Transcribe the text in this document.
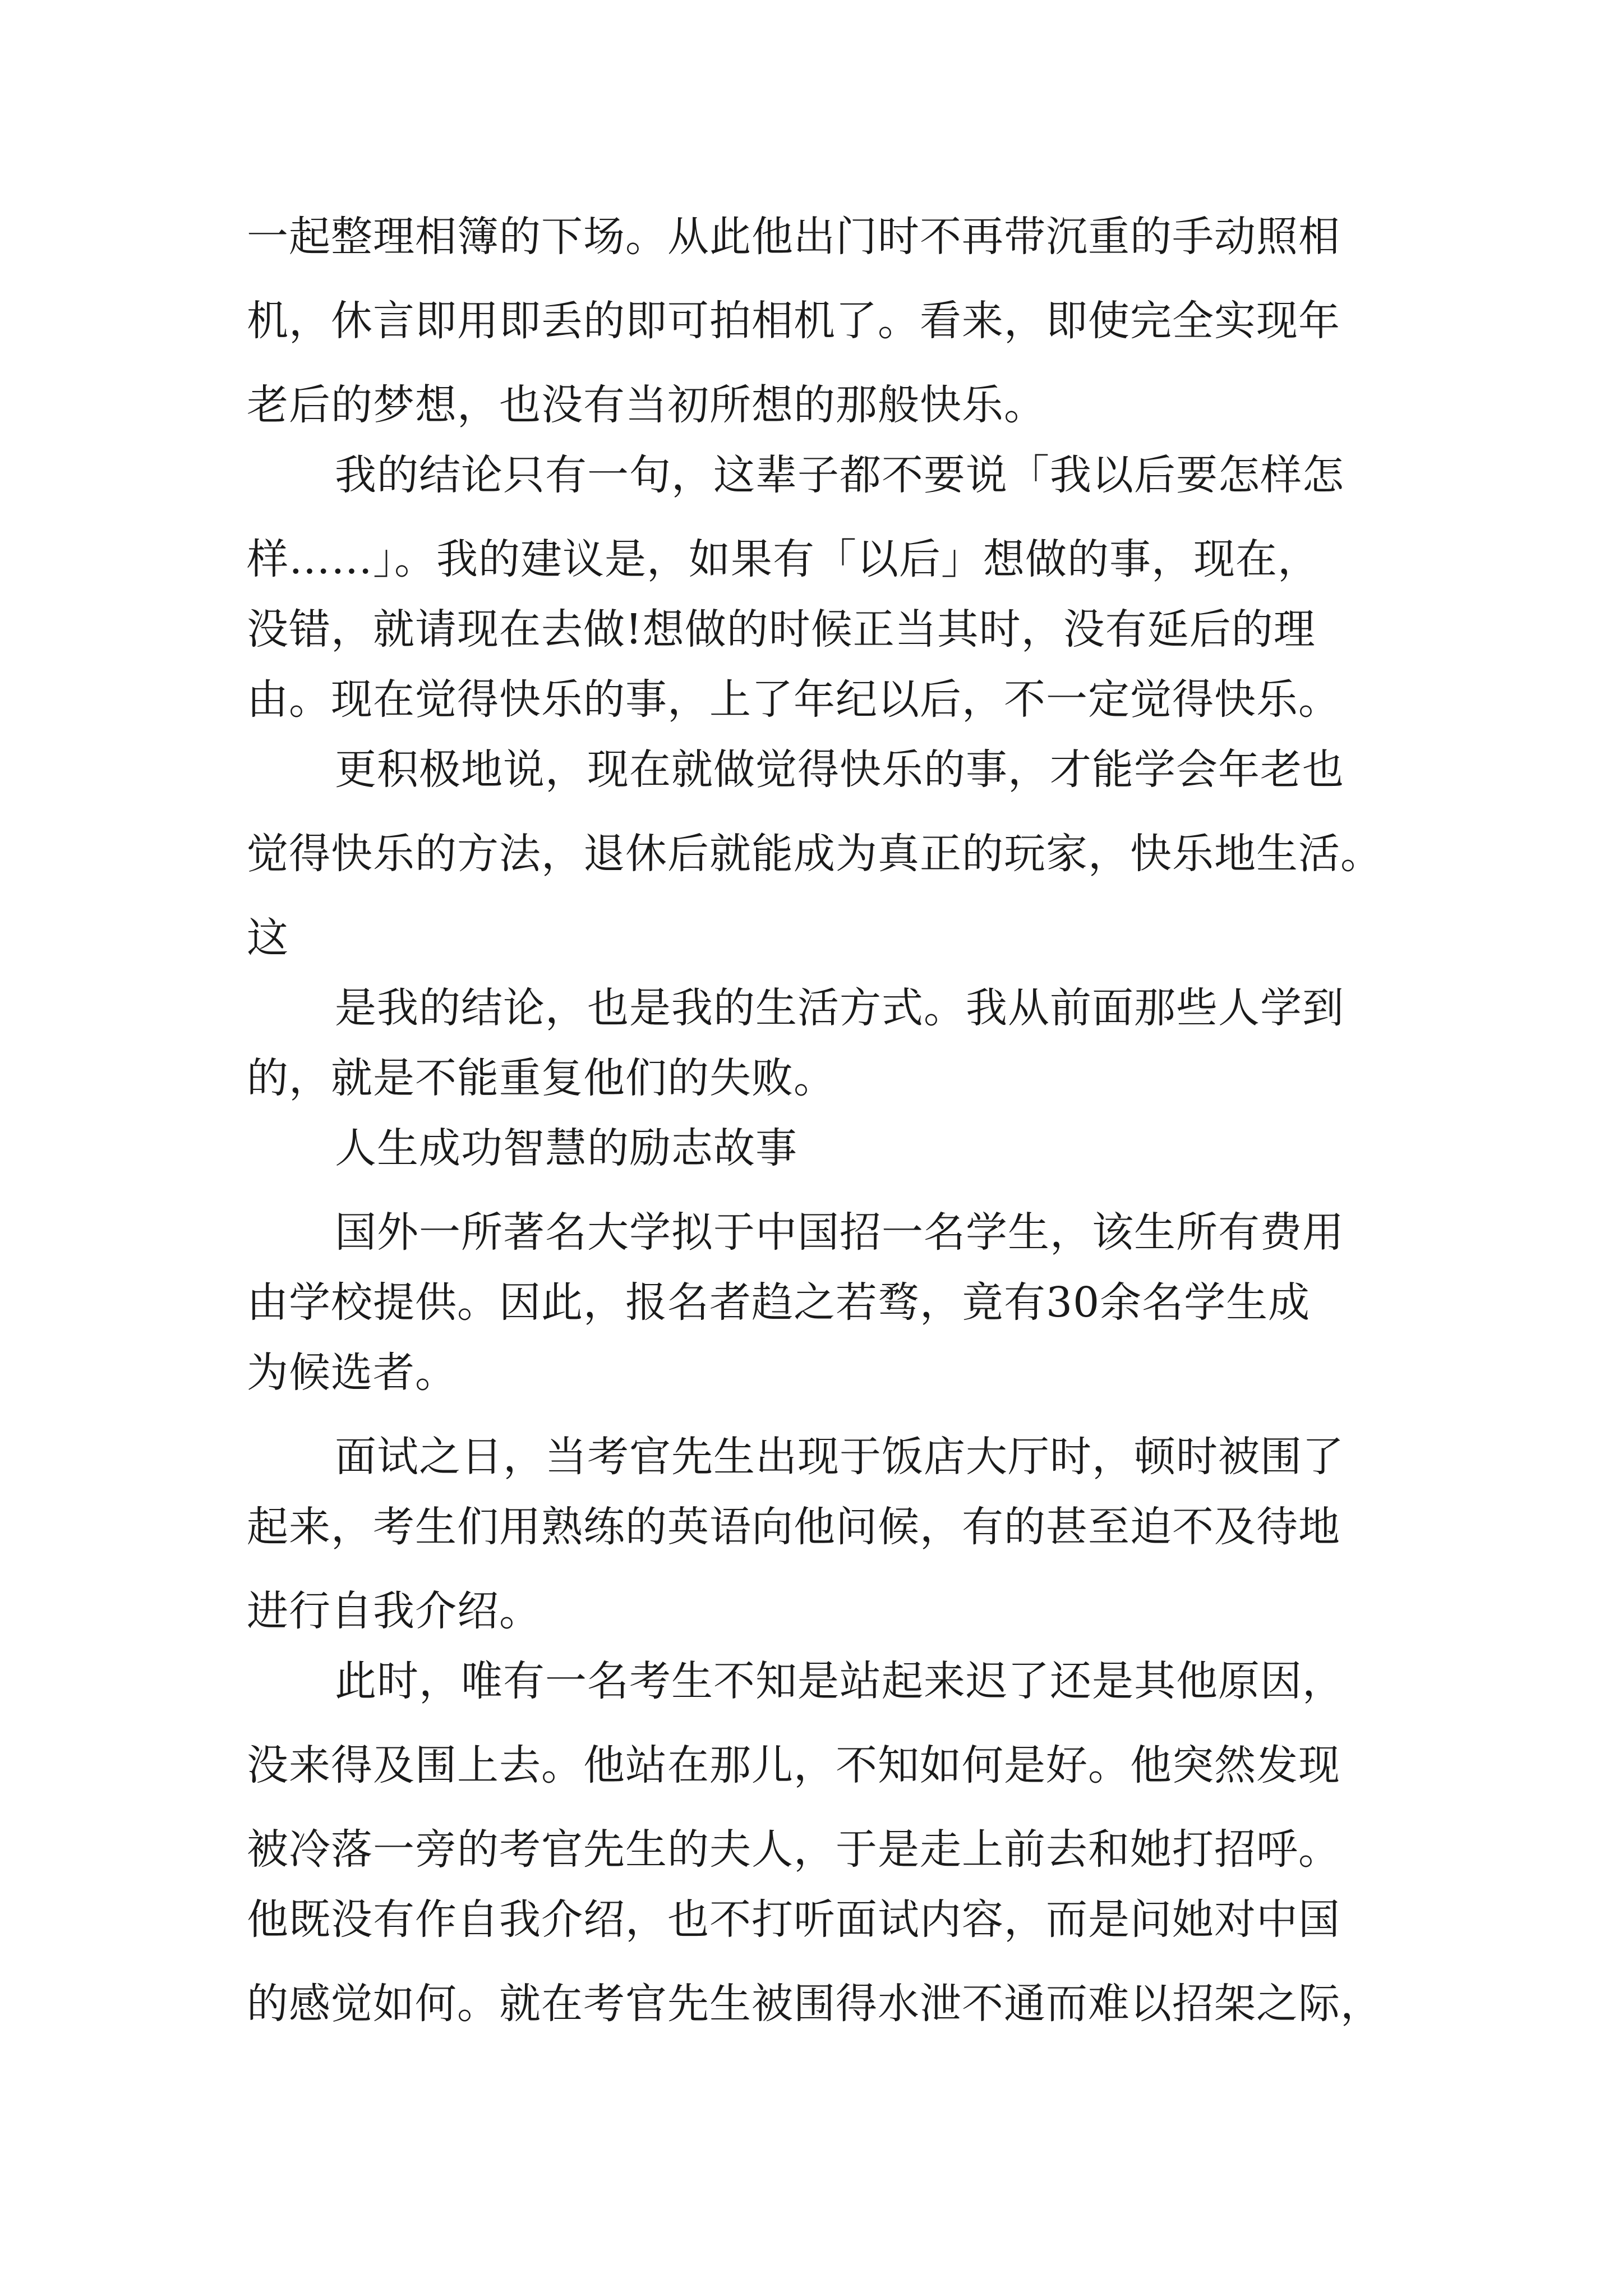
一起整理相簿的下场。从此他出门时不再带沉重的手动照相
机，休言即用即丢的即可拍相机了。看来，即使完全实现年
老后的梦想，也没有当初所想的那般快乐。
我的结论只有一句，这辈子都不要说「我以后要怎样怎
样……」。我的建议是，如果有「以后」想做的事，现在，
没错，就请现在去做!想做的时候正当其时，没有延后的理
由。现在觉得快乐的事，上了年纪以后，不一定觉得快乐。
更积极地说，现在就做觉得快乐的事，才能学会年老也
觉得快乐的方法，退休后就能成为真正的玩家，快乐地生活。
这
是我的结论，也是我的生活方式。我从前面那些人学到
的，就是不能重复他们的失败。
人生成功智慧的励志故事
国外一所著名大学拟于中国招一名学生，该生所有费用
由学校提供。因此，报名者趋之若骛，竟有30余名学生成
为候选者。
面试之日，当考官先生出现于饭店大厅时，顿时被围了
起来，考生们用熟练的英语向他问候，有的甚至迫不及待地
进行自我介绍。
此时，唯有一名考生不知是站起来迟了还是其他原因，
没来得及围上去。他站在那儿，不知如何是好。他突然发现
被冷落一旁的考官先生的夫人，于是走上前去和她打招呼。
他既没有作自我介绍，也不打听面试内容，而是问她对中国
的感觉如何。就在考官先生被围得水泄不通而难以招架之际，
